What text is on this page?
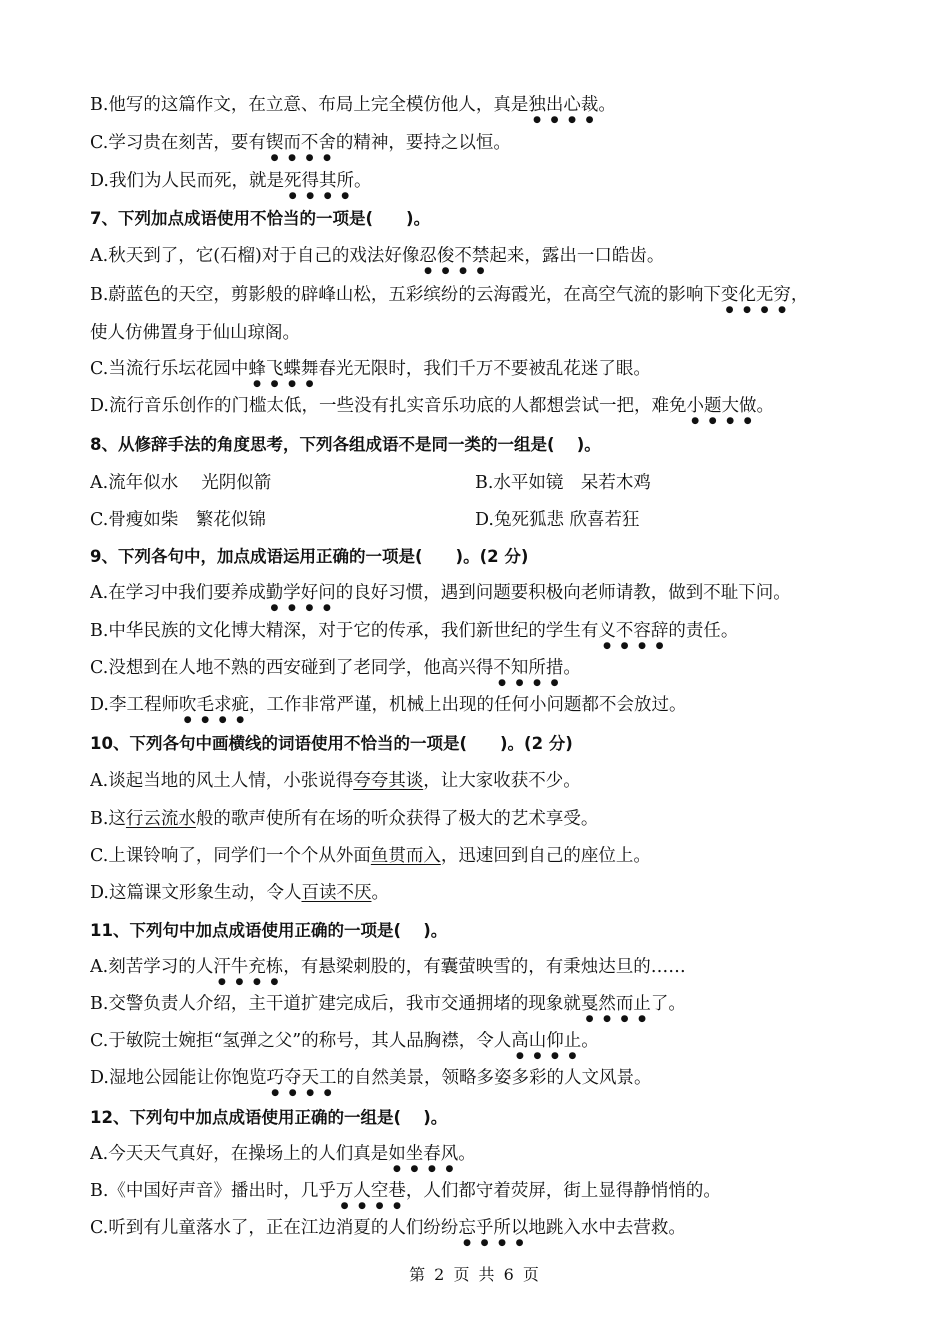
B.他写的这篇作文，在立意、布局上完全模仿他人，真是独出心裁。
C.学习贵在刻苦，要有锲而不舍的精神，要持之以恒。
D.我们为人民而死，就是死得其所。
7、下列加点成语使用不恰当的一项是(　　)。
A.秋天到了，它(石榴)对于自己的戏法好像忍俊不禁起来，露出一口皓齿。
B.蔚蓝色的天空，剪影般的辟峰山松，五彩缤纷的云海霞光，在高空气流的影响下变化无穷，
使人仿佛置身于仙山琼阁。
C.当流行乐坛花园中蜂飞蝶舞春光无限时，我们千万不要被乱花迷了眼。
D.流行音乐创作的门槛太低，一些没有扎实音乐功底的人都想尝试一把，难免小题大做。
8、从修辞手法的角度思考，下列各组成语不是同一类的一组是(　 )。
A.流年似水　 光阴似箭	B.水平如镜　呆若木鸡
C.骨瘦如柴　繁花似锦	D.兔死狐悲 欣喜若狂
9、下列各句中，加点成语运用正确的一项是(　　)。(2 分)
A.在学习中我们要养成勤学好问的良好习惯，遇到问题要积极向老师请教，做到不耻下问。
B.中华民族的文化博大精深，对于它的传承，我们新世纪的学生有义不容辞的责任。
C.没想到在人地不熟的西安碰到了老同学，他高兴得不知所措。
D.李工程师吹毛求疵，工作非常严谨，机械上出现的任何小问题都不会放过。
10、下列各句中画横线的词语使用不恰当的一项是(　　)。(2 分)
A.谈起当地的风土人情，小张说得夸夸其谈，让大家收获不少。
B.这行云流水般的歌声使所有在场的听众获得了极大的艺术享受。
C.上课铃响了，同学们一个个从外面鱼贯而入，迅速回到自己的座位上。
D.这篇课文形象生动，令人百读不厌。
11、下列句中加点成语使用正确的一项是(　 )。
A.刻苦学习的人汗牛充栋，有悬梁刺股的，有囊萤映雪的，有秉烛达旦的……
B.交警负责人介绍，主干道扩建完成后，我市交通拥堵的现象就戛然而止了。
C.于敏院士婉拒“氢弹之父”的称号，其人品胸襟，令人高山仰止。
D.湿地公园能让你饱览巧夺天工的自然美景，领略多姿多彩的人文风景。
12、下列句中加点成语使用正确的一组是(　 )。
A.今天天气真好，在操场上的人们真是如坐春风。
B.《中国好声音》播出时，几乎万人空巷，人们都守着荧屏，街上显得静悄悄的。
C.听到有儿童落水了，正在江边消夏的人们纷纷忘乎所以地跳入水中去营救。
第 2 页 共 6 页
